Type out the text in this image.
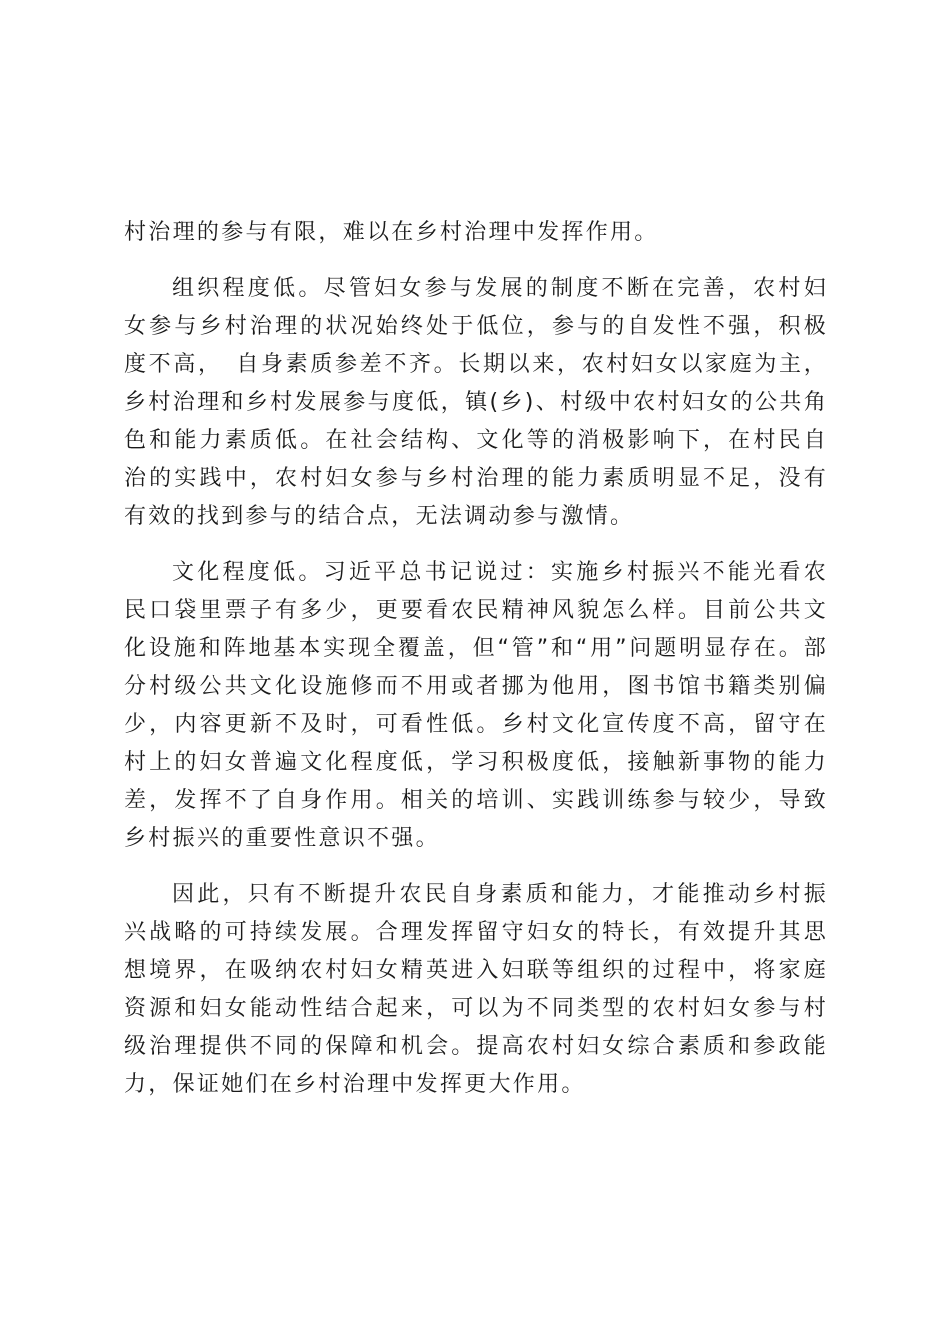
村治理的参与有限，难以在乡村治理中发挥作用。

组织程度低。尽管妇女参与发展的制度不断在完善，农村妇女参与乡村治理的状况始终处于低位，参与的自发性不强，积极度不高，　自身素质参差不齐。长期以来，农村妇女以家庭为主，乡村治理和乡村发展参与度低，镇(乡)、村级中农村妇女的公共角色和能力素质低。在社会结构、文化等的消极影响下，在村民自治的实践中，农村妇女参与乡村治理的能力素质明显不足，没有有效的找到参与的结合点，无法调动参与激情。

文化程度低。习近平总书记说过：实施乡村振兴不能光看农民口袋里票子有多少，更要看农民精神风貌怎么样。目前公共文化设施和阵地基本实现全覆盖，但“管”和“用”问题明显存在。部分村级公共文化设施修而不用或者挪为他用，图书馆书籍类别偏少，内容更新不及时，可看性低。乡村文化宣传度不高，留守在村上的妇女普遍文化程度低，学习积极度低，接触新事物的能力差，发挥不了自身作用。相关的培训、实践训练参与较少，导致乡村振兴的重要性意识不强。

因此，只有不断提升农民自身素质和能力，才能推动乡村振兴战略的可持续发展。合理发挥留守妇女的特长，有效提升其思想境界，在吸纳农村妇女精英进入妇联等组织的过程中，将家庭资源和妇女能动性结合起来，可以为不同类型的农村妇女参与村级治理提供不同的保障和机会。提高农村妇女综合素质和参政能力，保证她们在乡村治理中发挥更大作用。
